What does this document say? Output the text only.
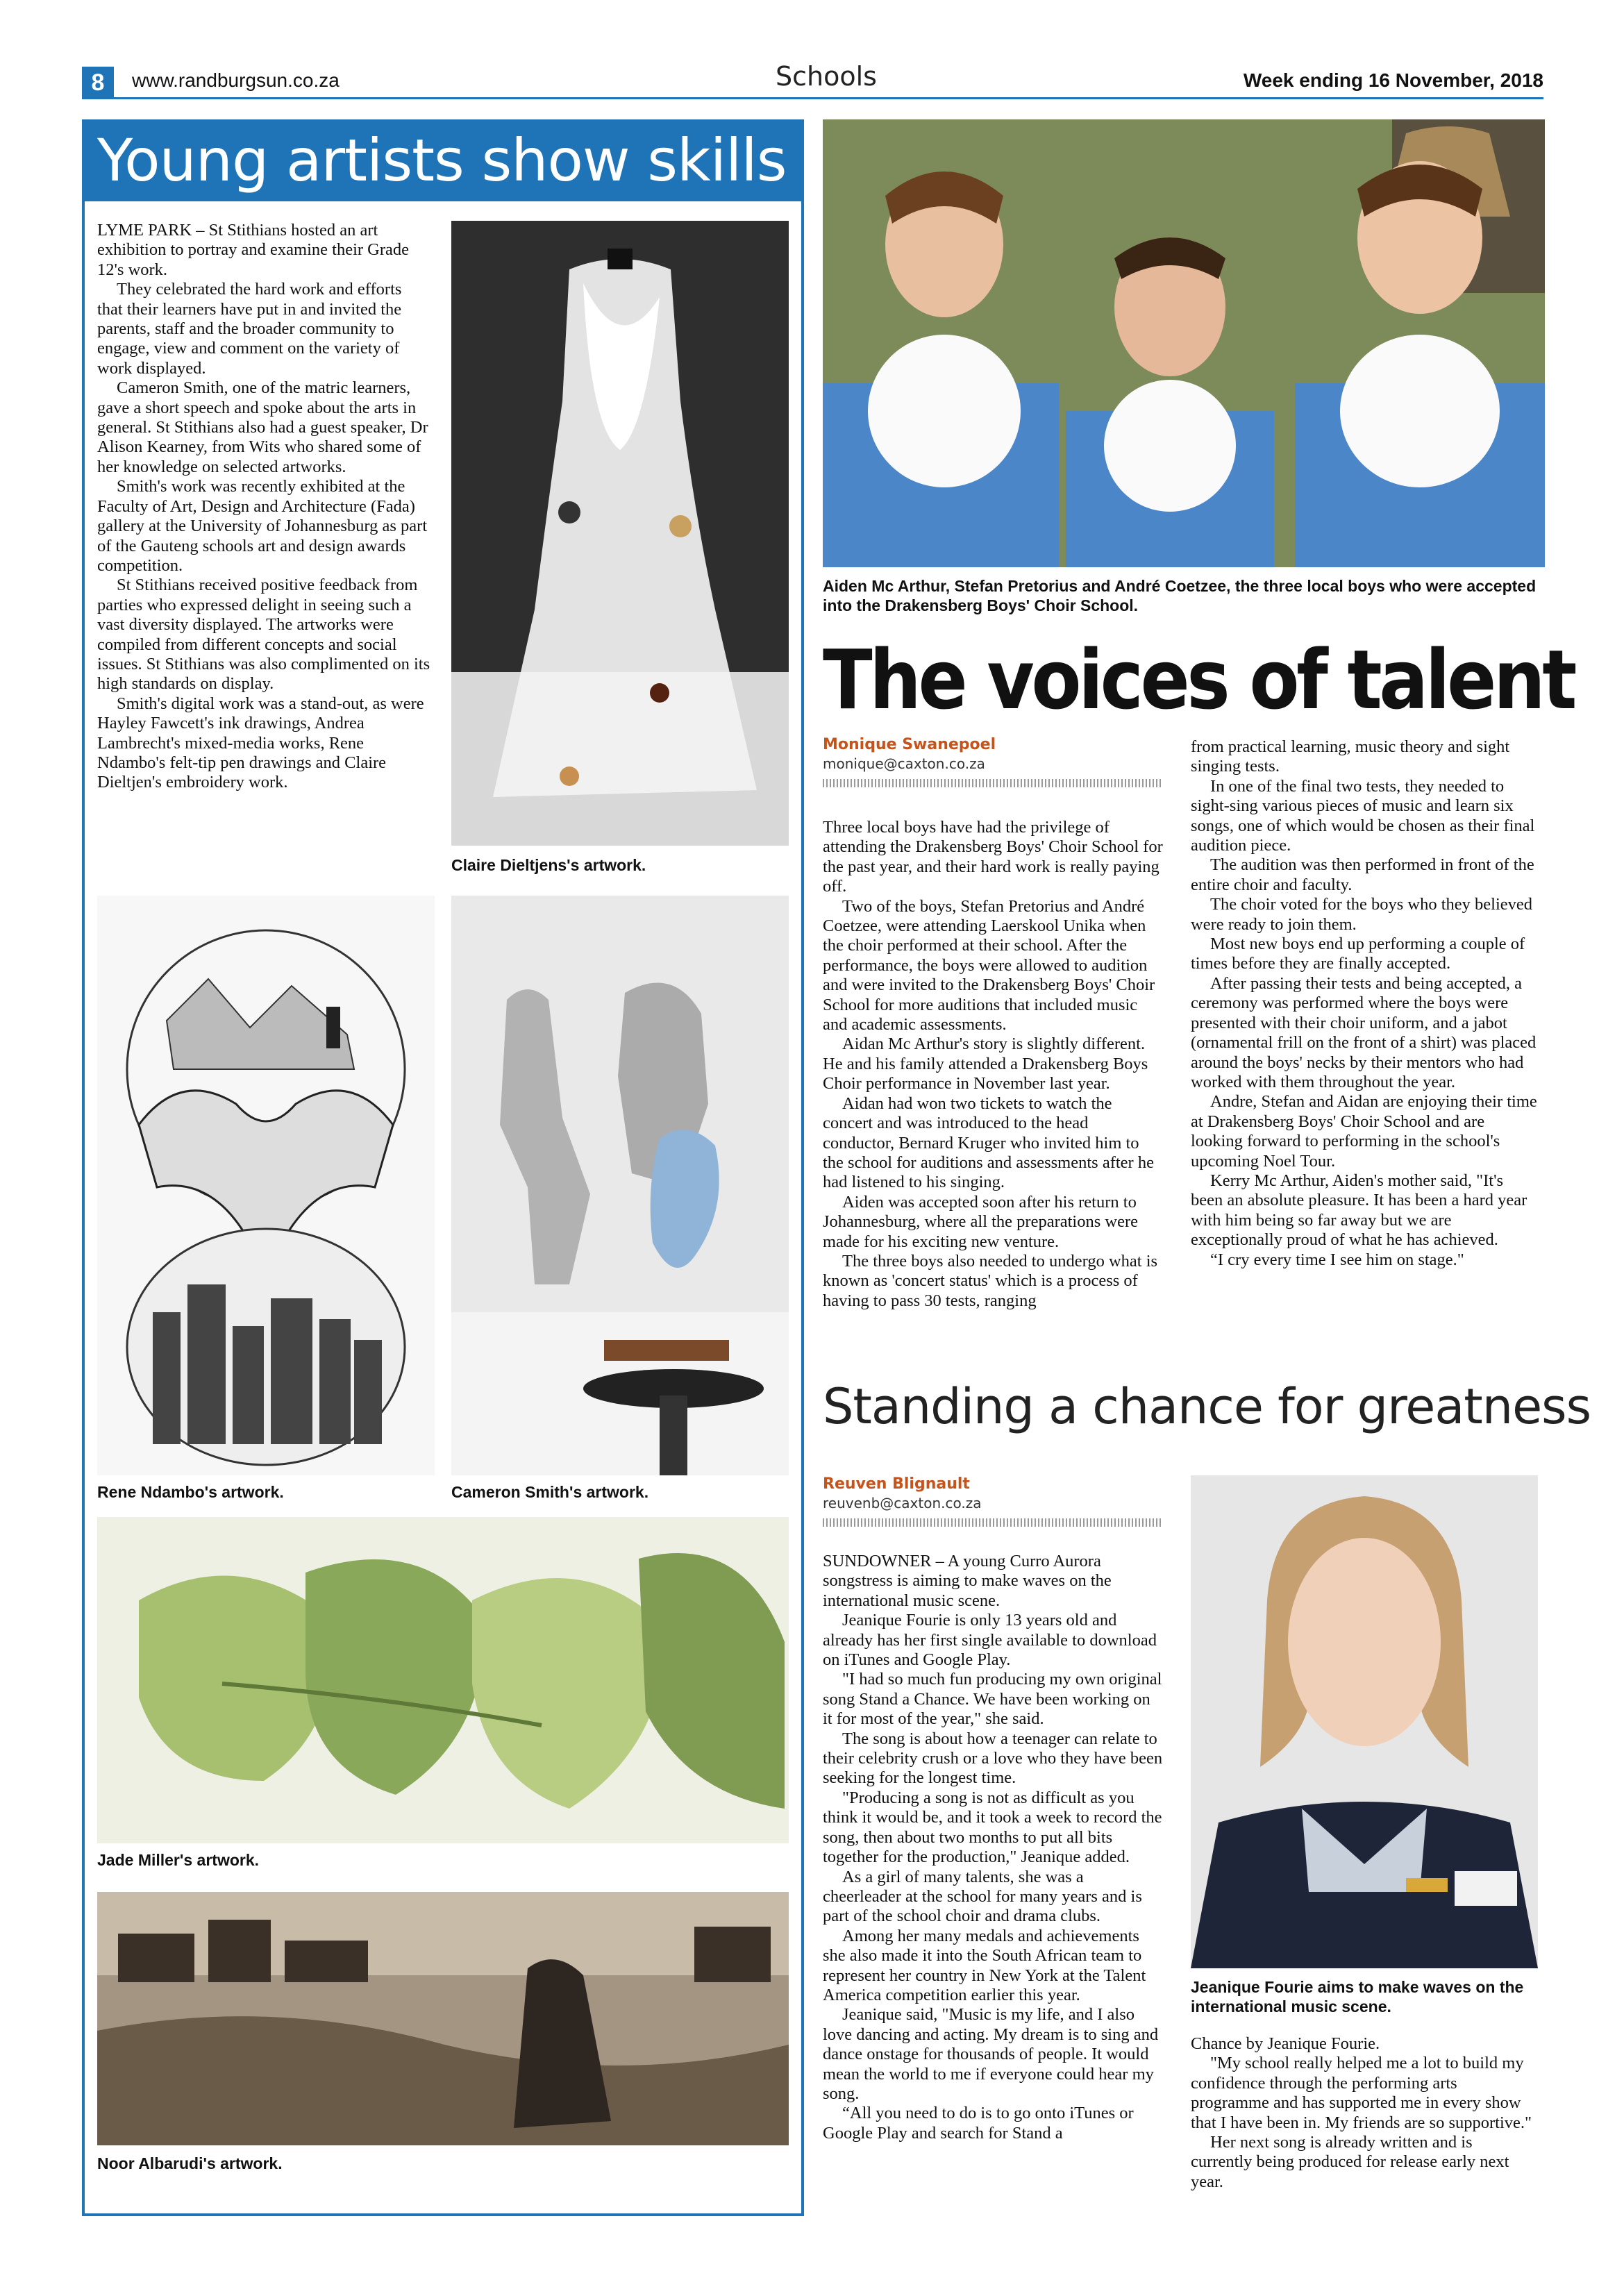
8	www.randburgsun.co.za	Schools	Week ending 16 November, 2018
Young artists show skills

LYME PARK – St Stithians hosted an art exhibition to portray and examine their Grade 12's work.

They celebrated the hard work and efforts that their learners have put in and invited the parents, staff and the broader community to engage, view and comment on the variety of work displayed.

Cameron Smith, one of the matric learners, gave a short speech and spoke about the arts in general. St Stithians also had a guest speaker, Dr Alison Kearney, from Wits who shared some of her knowledge on selected artworks.

Smith's work was recently exhibited at the Faculty of Art, Design and Architecture (Fada) gallery at the University of Johannesburg as part of the Gauteng schools art and design awards competition.

St Stithians received positive feedback from parties who expressed delight in seeing such a vast diversity displayed. The artworks were compiled from different concepts and social issues. St Stithians was also complimented on its high standards on display.

Smith's digital work was a stand-out, as were Hayley Fawcett's ink drawings, Andrea Lambrecht's mixed-media works, Rene Ndambo's felt-tip pen drawings and Claire Dieltjen's embroidery work.

Claire Dieltjens's artwork.
Rene Ndambo's artwork.	Cameron Smith's artwork.
Jade Miller's artwork.
Noor Albarudi's artwork.
Aiden Mc Arthur, Stefan Pretorius and André Coetzee, the three local boys who were accepted into the Drakensberg Boys' Choir School.
The voices of talent
Monique Swanepoel
monique@caxton.co.za

Three local boys have had the privilege of attending the Drakensberg Boys' Choir School for the past year, and their hard work is really paying off.

Two of the boys, Stefan Pretorius and André Coetzee, were attending Laerskool Unika when the choir performed at their school. After the performance, the boys were allowed to audition and were invited to the Drakensberg Boys' Choir School for more auditions that included music and academic assessments.

Aidan Mc Arthur's story is slightly different. He and his family attended a Drakensberg Boys Choir performance in November last year.

Aidan had won two tickets to watch the concert and was introduced to the head conductor, Bernard Kruger who invited him to the school for auditions and assessments after he had listened to his singing.

Aiden was accepted soon after his return to Johannesburg, where all the preparations were made for his exciting new venture.

The three boys also needed to undergo what is known as 'concert status' which is a process of having to pass 30 tests, ranging

from practical learning, music theory and sight singing tests.

In one of the final two tests, they needed to sight-sing various pieces of music and learn six songs, one of which would be chosen as their final audition piece.

The audition was then performed in front of the entire choir and faculty.

The choir voted for the boys who they believed were ready to join them.

Most new boys end up performing a couple of times before they are finally accepted.

After passing their tests and being accepted, a ceremony was performed where the boys were presented with their choir uniform, and a jabot (ornamental frill on the front of a shirt) was placed around the boys' necks by their mentors who had worked with them throughout the year.

Andre, Stefan and Aidan are enjoying their time at Drakensberg Boys' Choir School and are looking forward to performing in the school's upcoming Noel Tour.

Kerry Mc Arthur, Aiden's mother said, "It's been an absolute pleasure. It has been a hard year with him being so far away but we are exceptionally proud of what he has achieved.

“I cry every time I see him on stage."

Standing a chance for greatness
Reuven Blignault
reuvenb@caxton.co.za

SUNDOWNER – A young Curro Aurora songstress is aiming to make waves on the international music scene.

Jeanique Fourie is only 13 years old and already has her first single available to download on iTunes and Google Play.

"I had so much fun producing my own original song Stand a Chance. We have been working on it for most of the year," she said.

The song is about how a teenager can relate to their celebrity crush or a love who they have been seeking for the longest time.

"Producing a song is not as difficult as you think it would be, and it took a week to record the song, then about two months to put all bits together for the production," Jeanique added.

As a girl of many talents, she was a cheerleader at the school for many years and is part of the school choir and drama clubs.

Among her many medals and achievements she also made it into the South African team to represent her country in New York at the Talent America competition earlier this year.

Jeanique said, "Music is my life, and I also love dancing and acting. My dream is to sing and dance onstage for thousands of people. It would mean the world to me if everyone could hear my song.

“All you need to do is to go onto iTunes or Google Play and search for Stand a

Jeanique Fourie aims to make waves on the international music scene.

Chance by Jeanique Fourie.

"My school really helped me a lot to build my confidence through the performing arts programme and has supported me in every show that I have been in. My friends are so supportive."

Her next song is already written and is currently being produced for release early next year.
